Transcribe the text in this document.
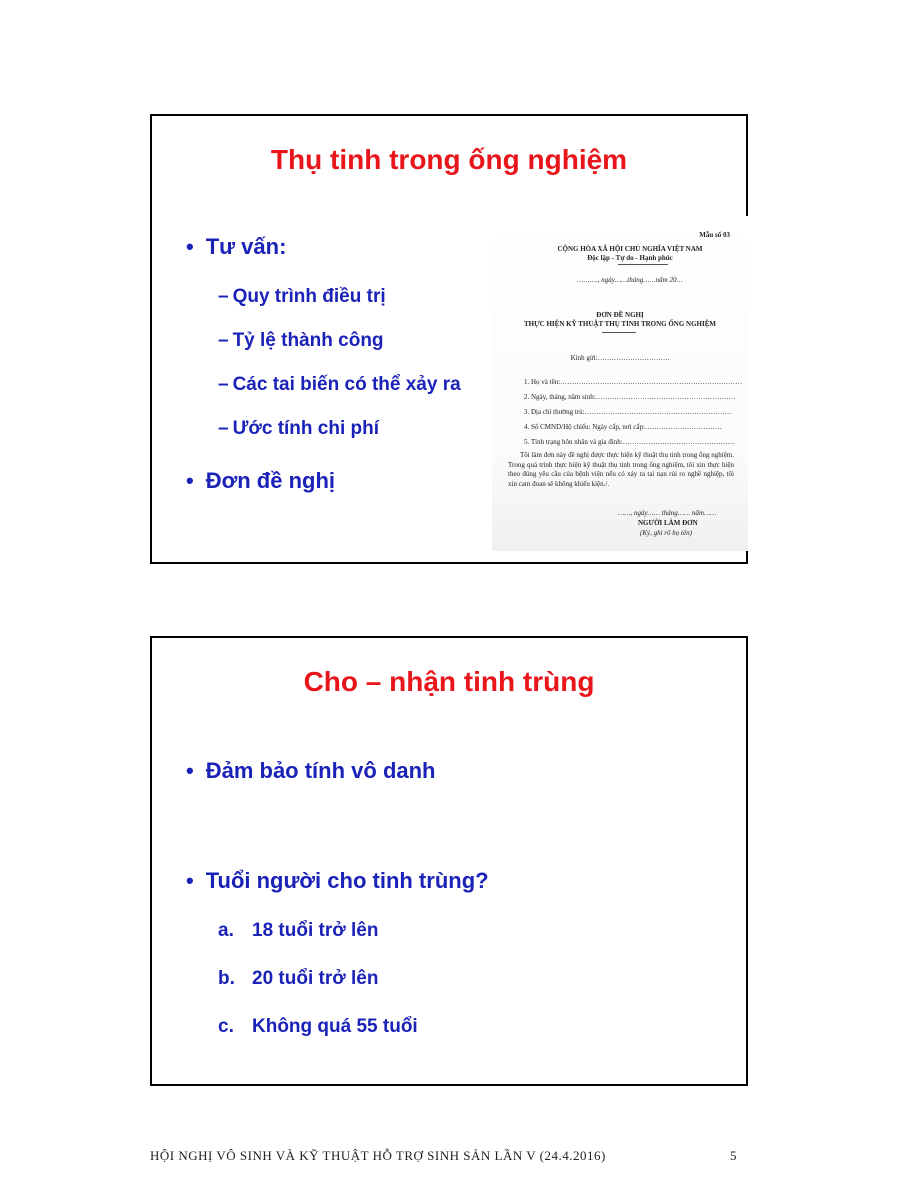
Thụ tinh trong ống nghiệm
• Tư vấn:
– Quy trình điều trị
– Tỷ lệ thành công
– Các tai biến có thể xảy ra
– Ước tính chi phí
• Đơn đề nghị
Mẫu số 03
CỘNG HÒA XÃ HỘI CHỦ NGHĨA VIỆT NAM
Độc lập - Tự do - Hạnh phúc
………., ngày……tháng……năm 20…
ĐƠN ĐỀ NGHỊ
THỰC HIỆN KỸ THUẬT THỤ TINH TRONG ỐNG NGHIỆM
Kính gửi:………………………….
1. Họ và tên:……………………………………………………………………
2. Ngày, tháng, năm sinh:……………………………………………………
3. Địa chỉ thường trú:………………………………………………………
4. Số CMND/Hộ chiếu: Ngày cấp, nơi cấp:……………………………
5. Tình trạng hôn nhân và gia đình:…………………………………………
Tôi làm đơn này đề nghị được thực hiện kỹ thuật thụ tinh trong ống nghiệm. Trong quá trình thực hiện kỹ thuật thụ tinh trong ống nghiệm, tôi xin thực hiện theo đúng yêu cầu của bệnh viện nếu có xảy ra tai nạn rủi ro nghề nghiệp, tôi xin cam đoan sẽ không khiếu kiện./.
……, ngày…… tháng…… năm……
NGƯỜI LÀM ĐƠN
(Ký, ghi rõ họ tên)
Cho – nhận tinh trùng
• Đảm bảo tính vô danh
• Tuổi người cho tinh trùng?
a. 18 tuổi trở lên
b. 20 tuổi trở lên
c. Không quá 55 tuổi
HỘI NGHỊ VÔ SINH VÀ KỸ THUẬT HỖ TRỢ SINH SẢN LẦN V (24.4.2016)	5
